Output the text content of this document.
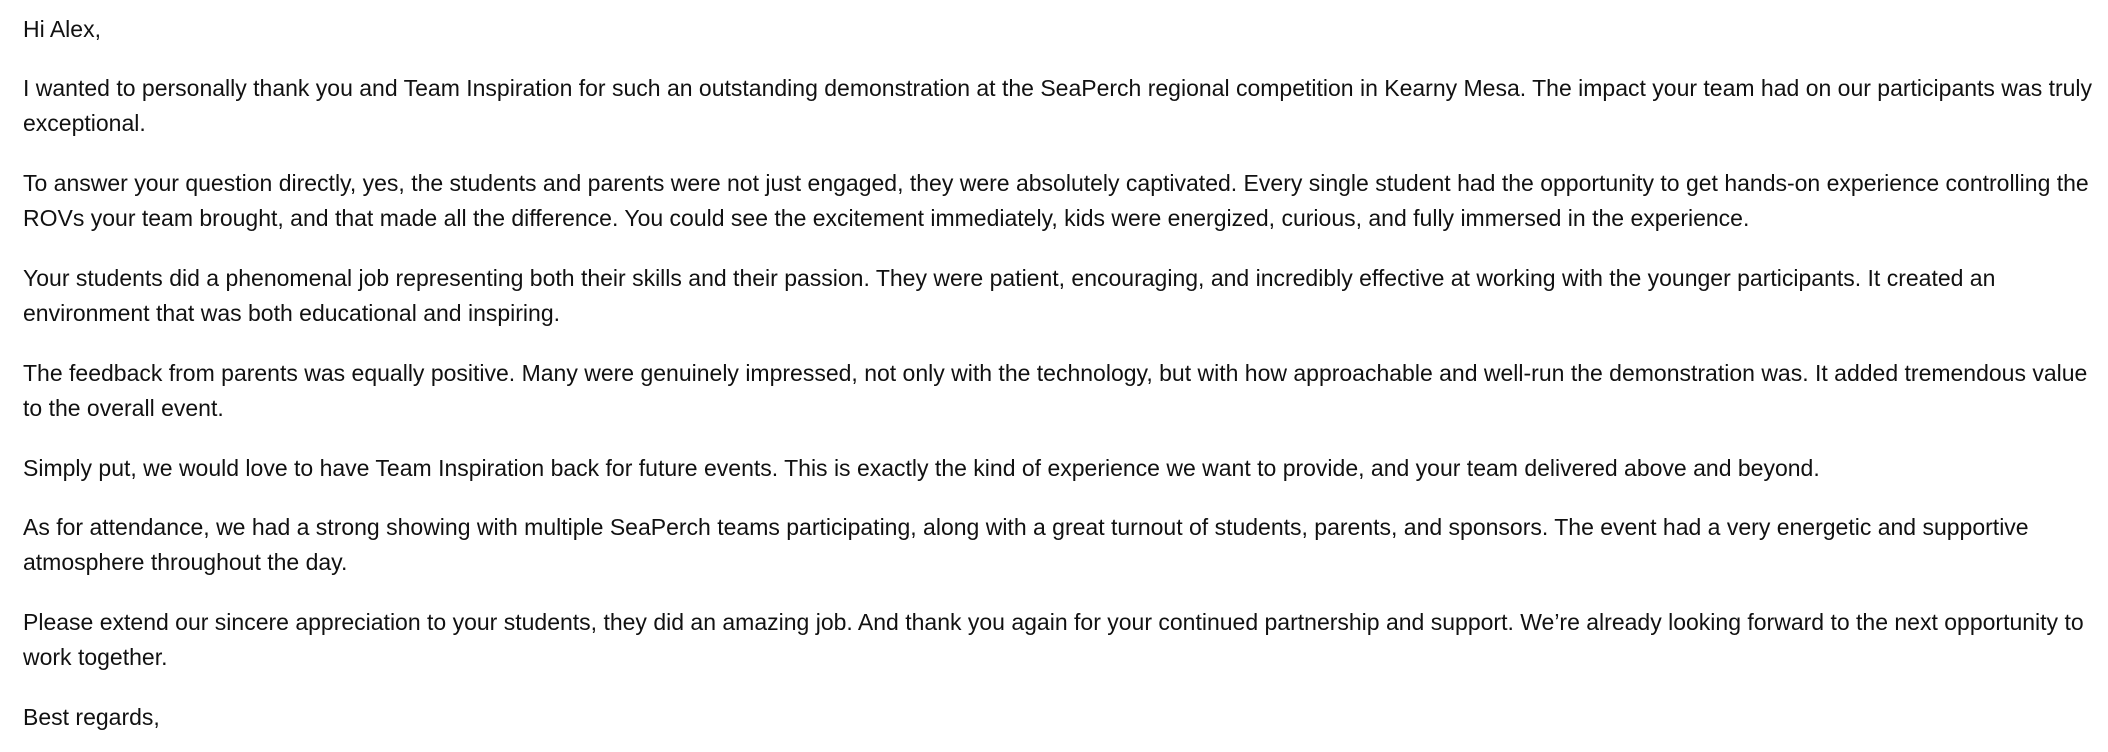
Hi Alex,

I wanted to personally thank you and Team Inspiration for such an outstanding demonstration at the SeaPerch regional competition in Kearny Mesa. The impact your team had on our participants was truly exceptional.

To answer your question directly, yes, the students and parents were not just engaged, they were absolutely captivated. Every single student had the opportunity to get hands-on experience controlling the ROVs your team brought, and that made all the difference. You could see the excitement immediately, kids were energized, curious, and fully immersed in the experience.

Your students did a phenomenal job representing both their skills and their passion. They were patient, encouraging, and incredibly effective at working with the younger participants. It created an environment that was both educational and inspiring.

The feedback from parents was equally positive. Many were genuinely impressed, not only with the technology, but with how approachable and well-run the demonstration was. It added tremendous value to the overall event.

Simply put, we would love to have Team Inspiration back for future events. This is exactly the kind of experience we want to provide, and your team delivered above and beyond.

As for attendance, we had a strong showing with multiple SeaPerch teams participating, along with a great turnout of students, parents, and sponsors. The event had a very energetic and supportive atmosphere throughout the day.

Please extend our sincere appreciation to your students, they did an amazing job. And thank you again for your continued partnership and support. We’re already looking forward to the next opportunity to work together.

Best regards,
